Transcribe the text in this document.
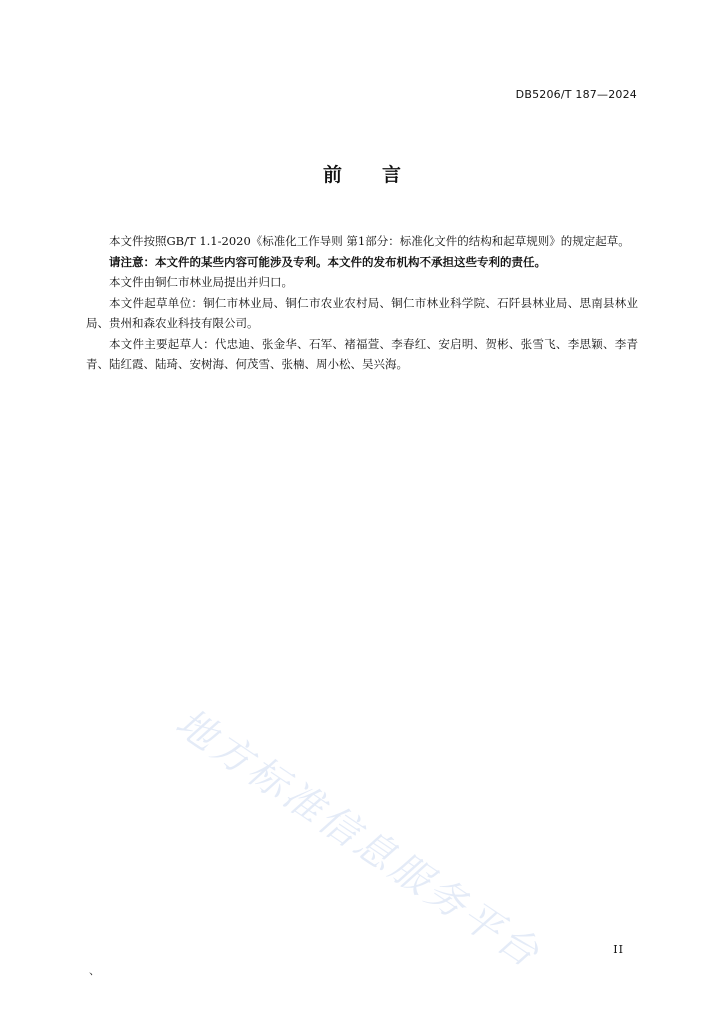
DB5206/T 187—2024
前 言

本文件按照GB/T 1.1-2020《标准化工作导则 第1部分：标准化文件的结构和起草规则》的规定起草。

请注意：本文件的某些内容可能涉及专利。本文件的发布机构不承担这些专利的责任。

本文件由铜仁市林业局提出并归口。

本文件起草单位：铜仁市林业局、铜仁市农业农村局、铜仁市林业科学院、石阡县林业局、思南县林业局、贵州和森农业科技有限公司。

本文件主要起草人：代忠迪、张金华、石军、褚福萱、李春红、安启明、贺彬、张雪飞、李思颖、李青青、陆红霞、陆琦、安树海、何茂雪、张楠、周小松、吴兴海。

地方标准信息服务平台	II
、
